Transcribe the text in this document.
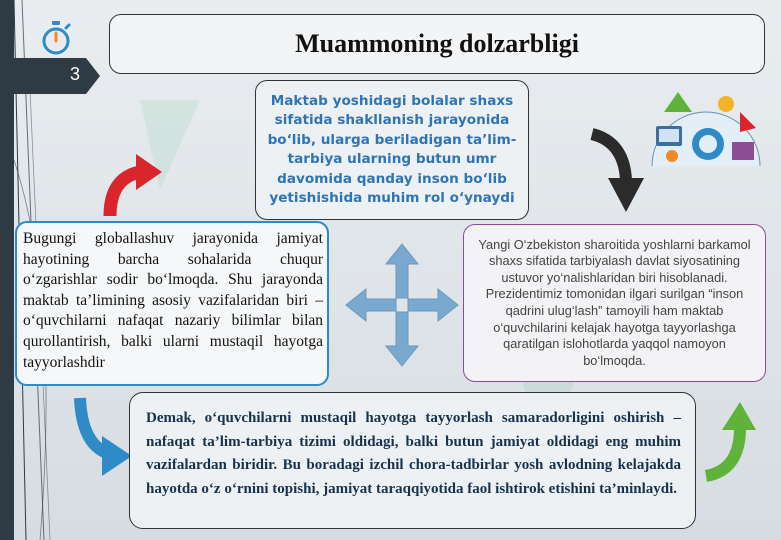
3
Muammoning dolzarbligi
Maktab yoshidagi bolalar shaxs sifatida shakllanish jarayonida bo‘lib, ularga beriladigan ta’lim-tarbiya ularning butun umr davomida qanday inson bo‘lib yetishishida muhim rol o‘ynaydi

Bugungi globallashuv jarayonida jamiyat hayotining barcha sohalarida chuqur o‘zgarishlar sodir bo‘lmoqda. Shu jarayonda maktab ta’limining asosiy vazifalaridan biri – o‘quvchilarni nafaqat nazariy bilimlar bilan qurollantirish, balki ularni mustaqil hayotga tayyorlashdir

Yangi O‘zbekiston sharoitida yoshlarni barkamol shaxs sifatida tarbiyalash davlat siyosatining ustuvor yo‘nalishlaridan biri hisoblanadi.

Prezidentimiz tomonidan ilgari surilgan “inson qadrini ulug‘lash” tamoyili ham maktab o‘quvchilarini kelajak hayotga tayyorlashga qaratilgan islohotlarda yaqqol namoyon bo‘lmoqda.

Demak, o‘quvchilarni mustaqil hayotga tayyorlash samaradorligini oshirish – nafaqat ta’lim-tarbiya tizimi oldidagi, balki butun jamiyat oldidagi eng muhim vazifalardan biridir. Bu boradagi izchil chora-tadbirlar yosh avlodning kelajakda hayotda o‘z o‘rnini topishi, jamiyat taraqqiyotida faol ishtirok etishini ta’minlaydi.
